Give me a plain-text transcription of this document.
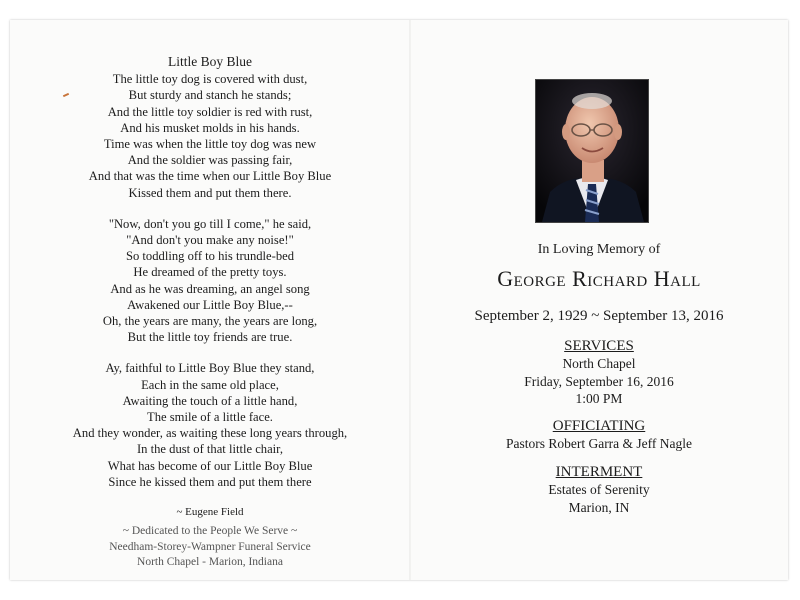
Little Boy Blue
The little toy dog is covered with dust,
But sturdy and stanch he stands;
And the little toy soldier is red with rust,
And his musket molds in his hands.
Time was when the little toy dog was new
And the soldier was passing fair,
And that was the time when our Little Boy Blue
Kissed them and put them there.
"Now, don't you go till I come," he said,
"And don't you make any noise!"
So toddling off to his trundle-bed
He dreamed of the pretty toys.
And as he was dreaming, an angel song
Awakened our Little Boy Blue,--
Oh, the years are many, the years are long,
But the little toy friends are true.
Ay, faithful to Little Boy Blue they stand,
Each in the same old place,
Awaiting the touch of a little hand,
The smile of a little face.
And they wonder, as waiting these long years through,
In the dust of that little chair,
What has become of our Little Boy Blue
Since he kissed them and put them there
~ Eugene Field
~ Dedicated to the People We Serve ~
Needham-Storey-Wampner Funeral Service
North Chapel - Marion, Indiana
In Loving Memory of
George Richard Hall
September 2, 1929 ~ September 13, 2016
SERVICES
North Chapel
Friday, September 16, 2016
1:00 PM
OFFICIATING
Pastors Robert Garra & Jeff Nagle
INTERMENT
Estates of Serenity
Marion, IN
